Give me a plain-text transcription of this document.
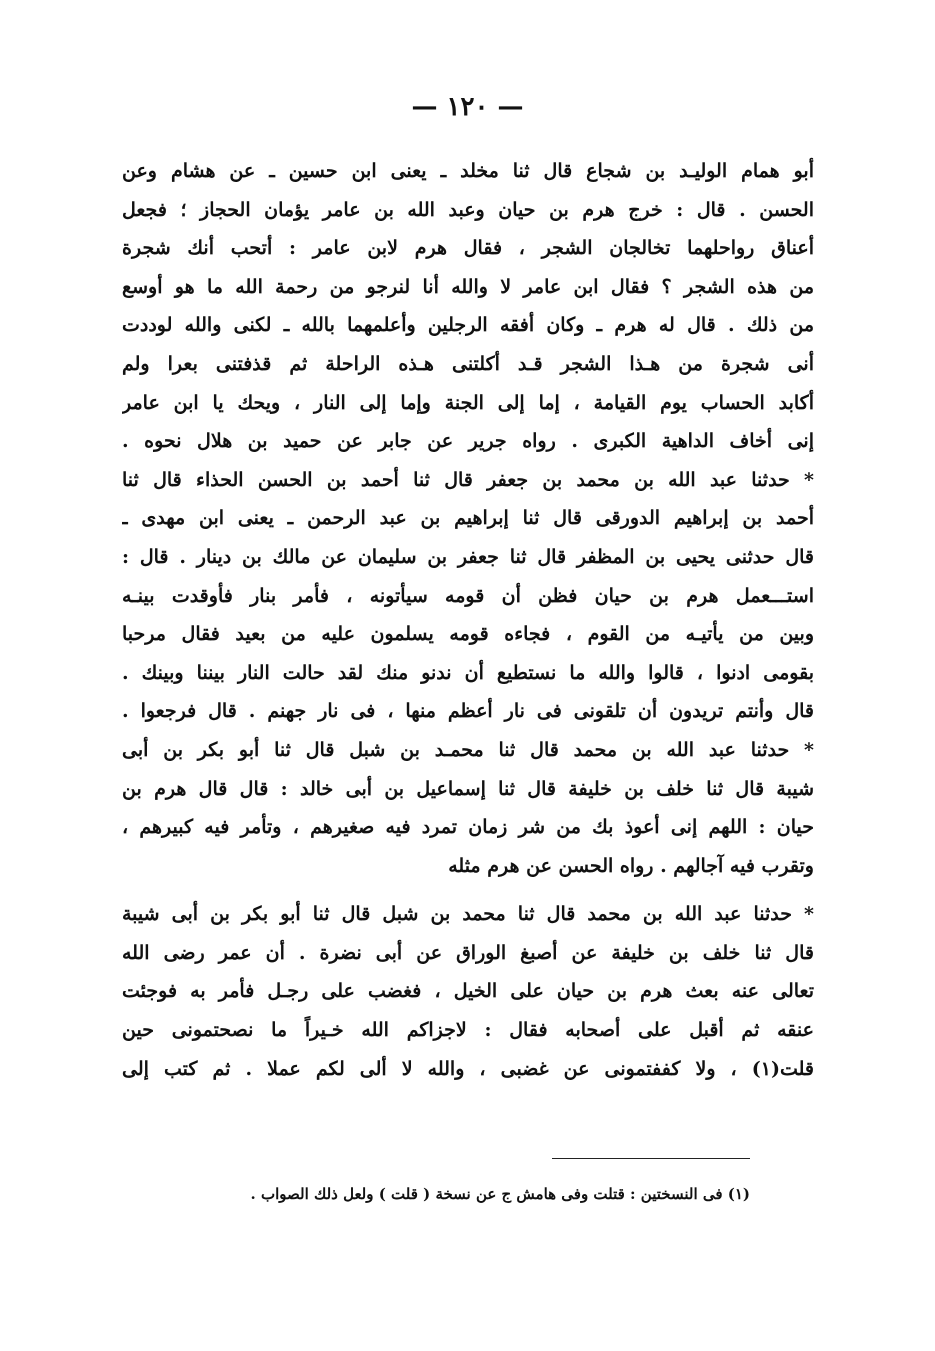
— ١٢٠ —
أبو همام الوليـد بن شجاع قال ثنا مخلد ـ يعنى ابن حسين ـ عن هشام وعن
الحسن . قال : خرج هرم بن حيان وعبد الله بن عامر يؤمان الحجاز ؛ فجعل
أعناق رواحلهما تخالجان الشجر ، فقال هرم لابن عامر : أتحب أنك شجرة
من هذه الشجر ؟ فقال ابن عامر لا والله أنا لنرجو من رحمة الله ما هو أوسع
من ذلك . قال له هرم ـ وكان أفقه الرجلين وأعلمهما بالله ـ لكنى والله لوددت
أنى شجرة من هـذا الشجر قـد أكلتنى هـذه الراحلة ثم قذفتنى بعرا ولم
أكابد الحساب يوم القيامة ، إما إلى الجنة وإما إلى النار ، ويحك يا ابن عامر
إنى أخاف الداهية الكبرى . رواه جرير عن جابر عن حميد بن هلال نحوه .
* حدثنا عبد الله بن محمد بن جعفر قال ثنا أحمد بن الحسن الحذاء قال ثنا
أحمد بن إبراهيم الدورقى قال ثنا إبراهيم بن عبد الرحمن ـ يعنى ابن مهدى ـ
قال حدثنى يحيى بن المظفر قال ثنا جعفر بن سليمان عن مالك بن دينار . قال :
استـــعمل هرم بن حيان فظن أن قومه سيأتونه ، فأمر بنار فأوقدت بينـه
وبين من يأتيـه من القوم ، فجاءه قومه يسلمون عليه من بعيد فقال مرحبا
بقومى ادنوا ، قالوا والله ما نستطيع أن ندنو منك لقد حالت النار بيننا وبينك .
قال وأنتم تريدون أن تلقونى فى نار أعظم منها ، فى نار جهنم . قال فرجعوا .
* حدثنا عبد الله بن محمد قال ثنا محمـد بن شبل قال ثنا أبو بكر بن أبى
شيبة قال ثنا خلف بن خليفة قال ثنا إسماعيل بن أبى خالد : قال قال هرم بن
حيان : اللهم إنى أعوذ بك من شر زمان تمرد فيه صغيرهم ، وتأمر فيه كبيرهم ،
وتقرب فيه آجالهم . رواه الحسن عن هرم مثله
* حدثنا عبد الله بن محمد قال ثنا محمد بن شبل قال ثنا أبو بكر بن أبى شيبة
قال ثنا خلف بن خليفة عن أصبغ الوراق عن أبى نضرة . أن عمر رضى الله
تعالى عنه بعث هرم بن حيان على الخيل ، فغضب على رجـل فأمر به فوجئت
عنقه ثم أقبل على أصحابه فقال : لاجزاكم الله خـيراً ما نصحتمونى حين
قلت(١) ، ولا كففتمونى عن غضبى ، والله لا ألى لكم عملا . ثم كتب إلى
(١) فى النسختين : قتلت وفى هامش ج عن نسخة ( قلت ) ولعل ذلك الصواب .
